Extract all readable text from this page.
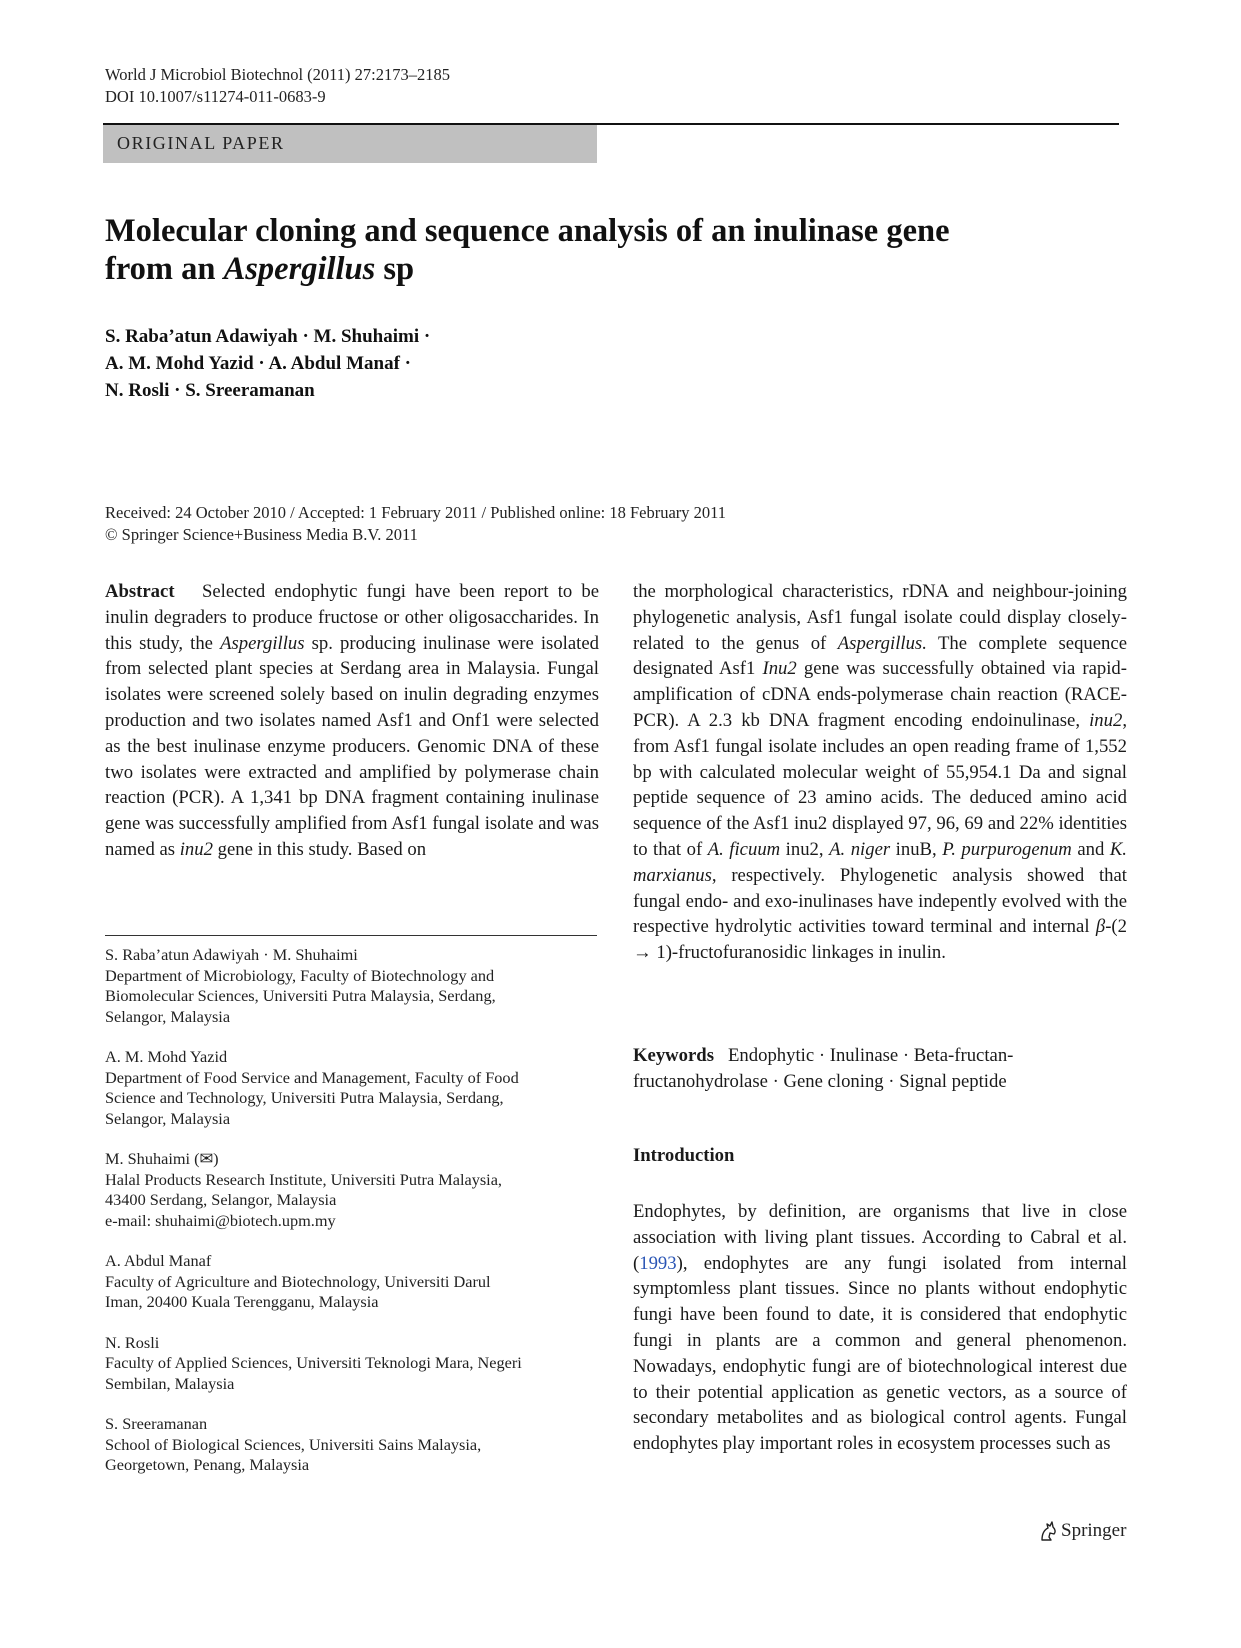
World J Microbiol Biotechnol (2011) 27:2173–2185
DOI 10.1007/s11274-011-0683-9
ORIGINAL PAPER
Molecular cloning and sequence analysis of an inulinase gene
from an Aspergillus sp
S. Raba’atun Adawiyah · M. Shuhaimi ·
A. M. Mohd Yazid · A. Abdul Manaf ·
N. Rosli · S. Sreeramanan
Received: 24 October 2010 / Accepted: 1 February 2011 / Published online: 18 February 2011
© Springer Science+Business Media B.V. 2011

Abstract Selected endophytic fungi have been report to be inulin degraders to produce fructose or other oligosaccharides. In this study, the Aspergillus sp. producing inulinase were isolated from selected plant species at Serdang area in Malaysia. Fungal isolates were screened solely based on inulin degrading enzymes production and two isolates named Asf1 and Onf1 were selected as the best inulinase enzyme producers. Genomic DNA of these two isolates were extracted and amplified by polymerase chain reaction (PCR). A 1,341 bp DNA fragment containing inulinase gene was successfully amplified from Asf1 fungal isolate and was named as inu2 gene in this study. Based on

the morphological characteristics, rDNA and neighbour-joining phylogenetic analysis, Asf1 fungal isolate could display closely-related to the genus of Aspergillus. The complete sequence designated Asf1 Inu2 gene was successfully obtained via rapid-amplification of cDNA ends-polymerase chain reaction (RACE-PCR). A 2.3 kb DNA fragment encoding endoinulinase, inu2, from Asf1 fungal isolate includes an open reading frame of 1,552 bp with calculated molecular weight of 55,954.1 Da and signal peptide sequence of 23 amino acids. The deduced amino acid sequence of the Asf1 inu2 displayed 97, 96, 69 and 22% identities to that of A. ficuum inu2, A. niger inuB, P. purpurogenum and K. marxianus, respectively. Phylogenetic analysis showed that fungal endo- and exo-inulinases have indepently evolved with the respective hydrolytic activities toward terminal and internal β-(2 → 1)-fructofuranosidic linkages in inulin.

Keywords Endophytic · Inulinase · Beta-fructan-fructanohydrolase · Gene cloning · Signal peptide
S. Raba’atun Adawiyah · M. Shuhaimi
Department of Microbiology, Faculty of Biotechnology and
Biomolecular Sciences, Universiti Putra Malaysia, Serdang,
Selangor, Malaysia
A. M. Mohd Yazid
Department of Food Service and Management, Faculty of Food
Science and Technology, Universiti Putra Malaysia, Serdang,
Selangor, Malaysia
M. Shuhaimi (✉)
Halal Products Research Institute, Universiti Putra Malaysia,
43400 Serdang, Selangor, Malaysia
e-mail: shuhaimi@biotech.upm.my
A. Abdul Manaf
Faculty of Agriculture and Biotechnology, Universiti Darul
Iman, 20400 Kuala Terengganu, Malaysia
N. Rosli
Faculty of Applied Sciences, Universiti Teknologi Mara, Negeri
Sembilan, Malaysia
S. Sreeramanan
School of Biological Sciences, Universiti Sains Malaysia,
Georgetown, Penang, Malaysia
Introduction

Endophytes, by definition, are organisms that live in close association with living plant tissues. According to Cabral et al. (1993), endophytes are any fungi isolated from internal symptomless plant tissues. Since no plants without endophytic fungi have been found to date, it is considered that endophytic fungi in plants are a common and general phenomenon. Nowadays, endophytic fungi are of biotechnological interest due to their potential application as genetic vectors, as a source of secondary metabolites and as biological control agents. Fungal endophytes play important roles in ecosystem processes such as

Springer
